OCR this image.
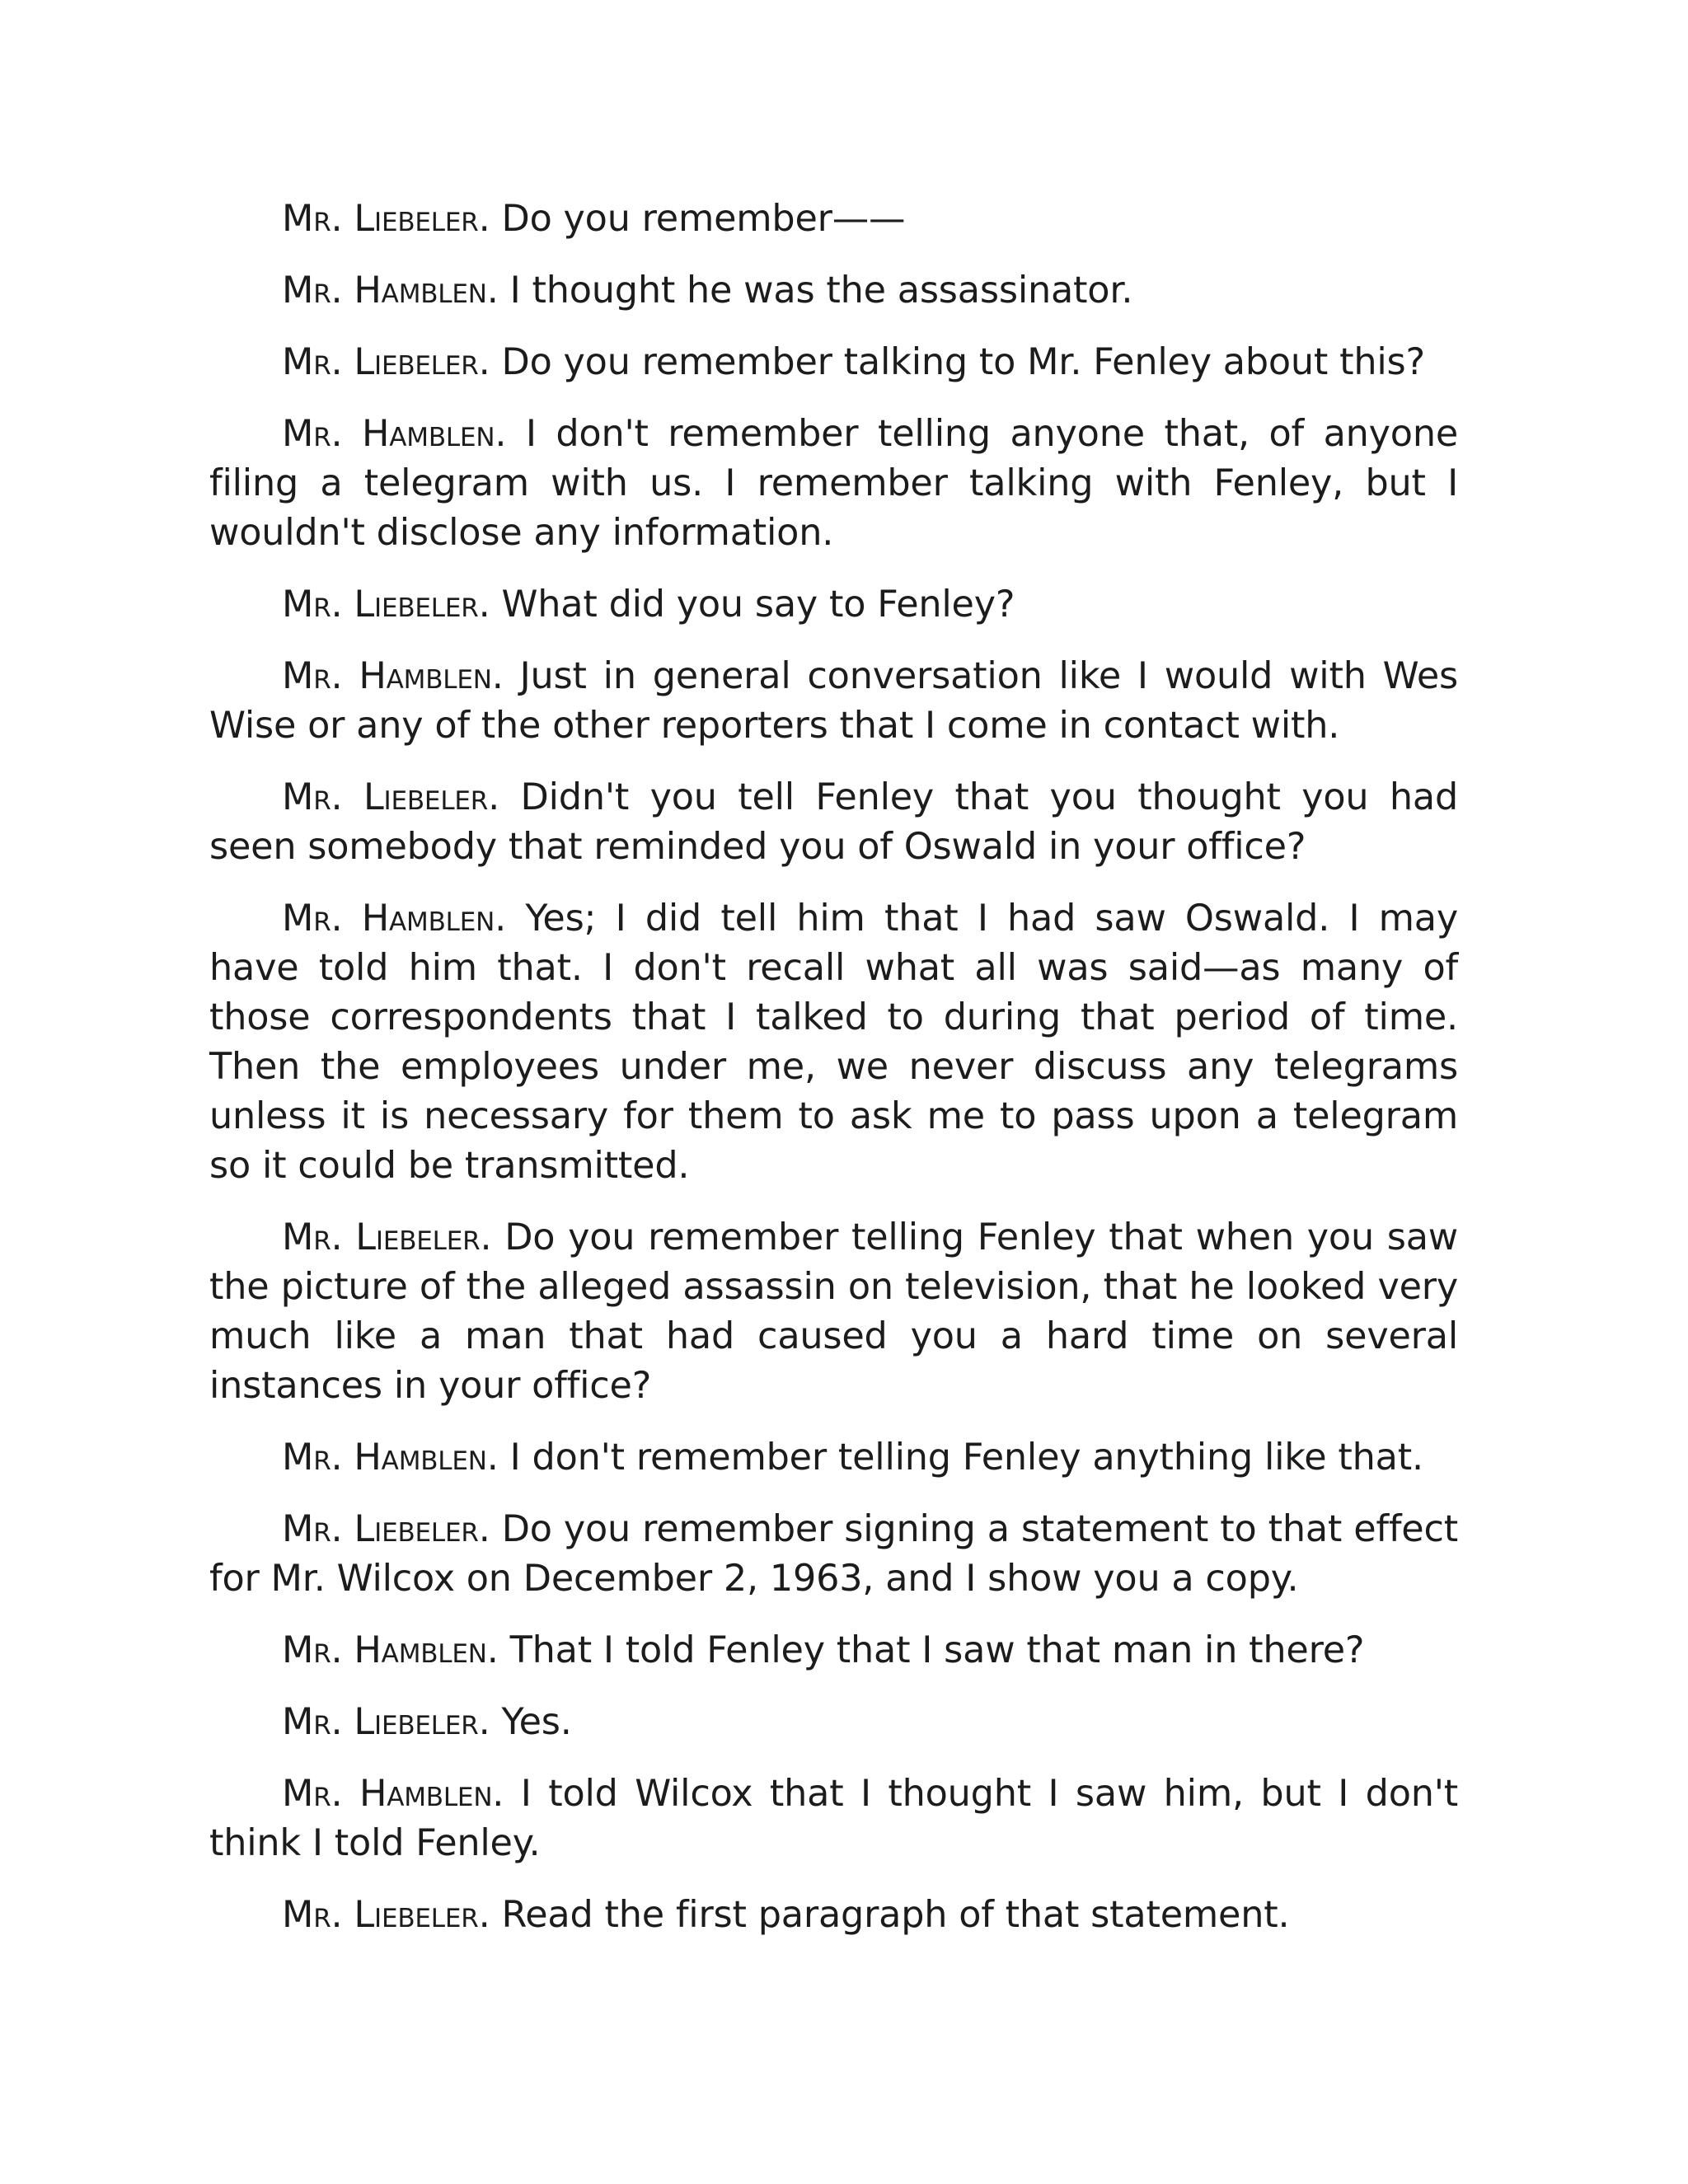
Mr. Liebeler. Do you remember——

Mr. Hamblen. I thought he was the assassinator.

Mr. Liebeler. Do you remember talking to Mr. Fenley about this?

Mr. Hamblen. I don't remember telling anyone that, of anyone filing a telegram with us. I remember talking with Fenley, but I wouldn't disclose any information.

Mr. Liebeler. What did you say to Fenley?

Mr. Hamblen. Just in general conversation like I would with Wes Wise or any of the other reporters that I come in contact with.

Mr. Liebeler. Didn't you tell Fenley that you thought you had seen somebody that reminded you of Oswald in your office?

Mr. Hamblen. Yes; I did tell him that I had saw Oswald. I may have told him that. I don't recall what all was said—as many of those correspondents that I talked to during that period of time. Then the employees under me, we never discuss any telegrams unless it is necessary for them to ask me to pass upon a telegram so it could be transmitted.

Mr. Liebeler. Do you remember telling Fenley that when you saw the picture of the alleged assassin on television, that he looked very much like a man that had caused you a hard time on several instances in your office?

Mr. Hamblen. I don't remember telling Fenley anything like that.

Mr. Liebeler. Do you remember signing a statement to that effect for Mr. Wilcox on December 2, 1963, and I show you a copy.

Mr. Hamblen. That I told Fenley that I saw that man in there?

Mr. Liebeler. Yes.

Mr. Hamblen. I told Wilcox that I thought I saw him, but I don't think I told Fenley.

Mr. Liebeler. Read the first paragraph of that statement.
